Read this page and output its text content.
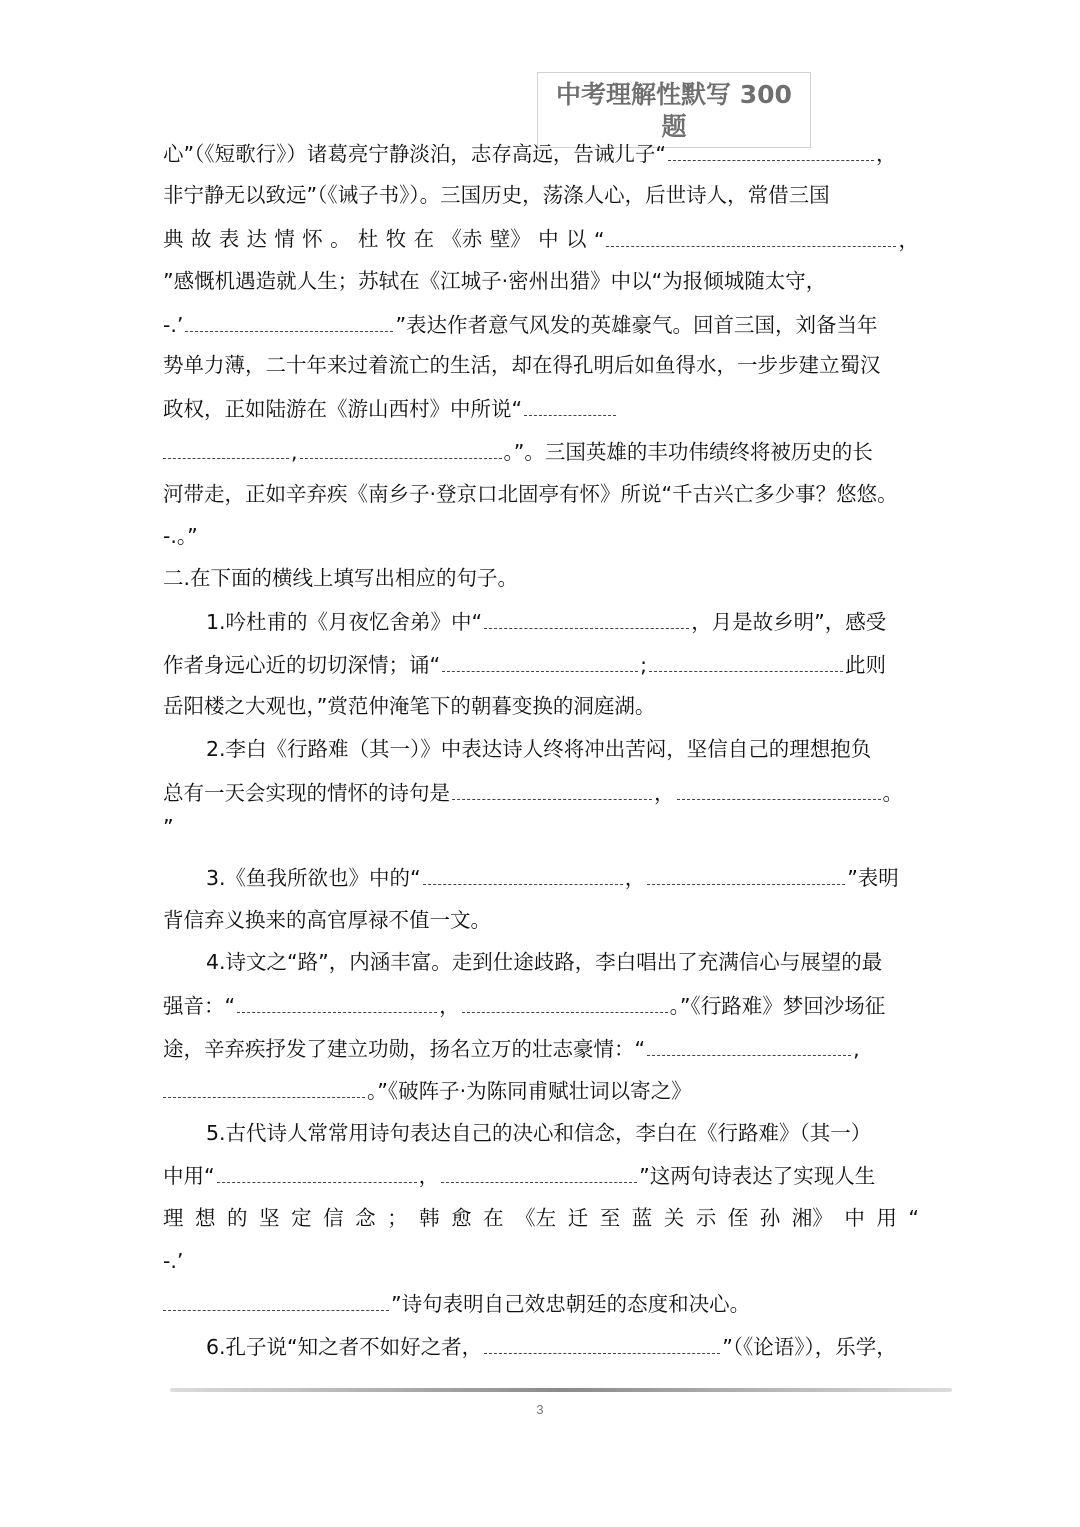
中考理解性默写 300
题
心”（《短歌行》）诸葛亮宁静淡泊，志存高远，告诫儿子“	，
非宁静无以致远”（《诫子书》）。三国历史，荡涤人心，后世诗人，常借三国
典 故 表 达 情 怀 。 杜 牧 在 《赤 壁》 中 以 “	，
”感慨机遇造就人生；苏轼在《江城子·密州出猎》中以“为报倾城随太守，
-.’	”表达作者意气风发的英雄豪气。回首三国，刘备当年
势单力薄，二十年来过着流亡的生活，却在得孔明后如鱼得水，一步步建立蜀汉
政权，正如陆游在《游山西村》中所说“
,	。”。三国英雄的丰功伟绩终将被历史的长
河带走，正如辛弃疾《南乡子·登京口北固亭有怀》所说“千古兴亡多少事？悠悠。
-.。”
二.在下面的横线上填写出相应的句子。
1.吟杜甫的《月夜忆舍弟》中“	，月是故乡明”，感受
作者身远心近的切切深情；诵“	;	此则
岳阳楼之大观也，”赏范仲淹笔下的朝暮变换的洞庭湖。
2.李白《行路难（其一）》中表达诗人终将冲出苦闷，坚信自己的理想抱负
总有一天会实现的情怀的诗句是	，	。
”
3.《鱼我所欲也》中的“	，	”表明
背信弃义换来的高官厚禄不值一文。
4.诗文之“路”，内涵丰富。走到仕途歧路，李白唱出了充满信心与展望的最
强音：“	，	。”《行路难》梦回沙场征
途，辛弃疾抒发了建立功勋，扬名立万的壮志豪情：“	,
。”《破阵子·为陈同甫赋壮词以寄之》
5.古代诗人常常用诗句表达自己的决心和信念，李白在《行路难》（其一）
中用“	，	”这两句诗表达了实现人生
理 想 的 坚 定 信 念 ； 韩 愈 在 《左 迁 至 蓝 关 示 侄 孙 湘》 中 用 “
-.’
”诗句表明自己效忠朝廷的态度和决心。
6.孔子说“知之者不如好之者，	”（《论语》），乐学，
3
